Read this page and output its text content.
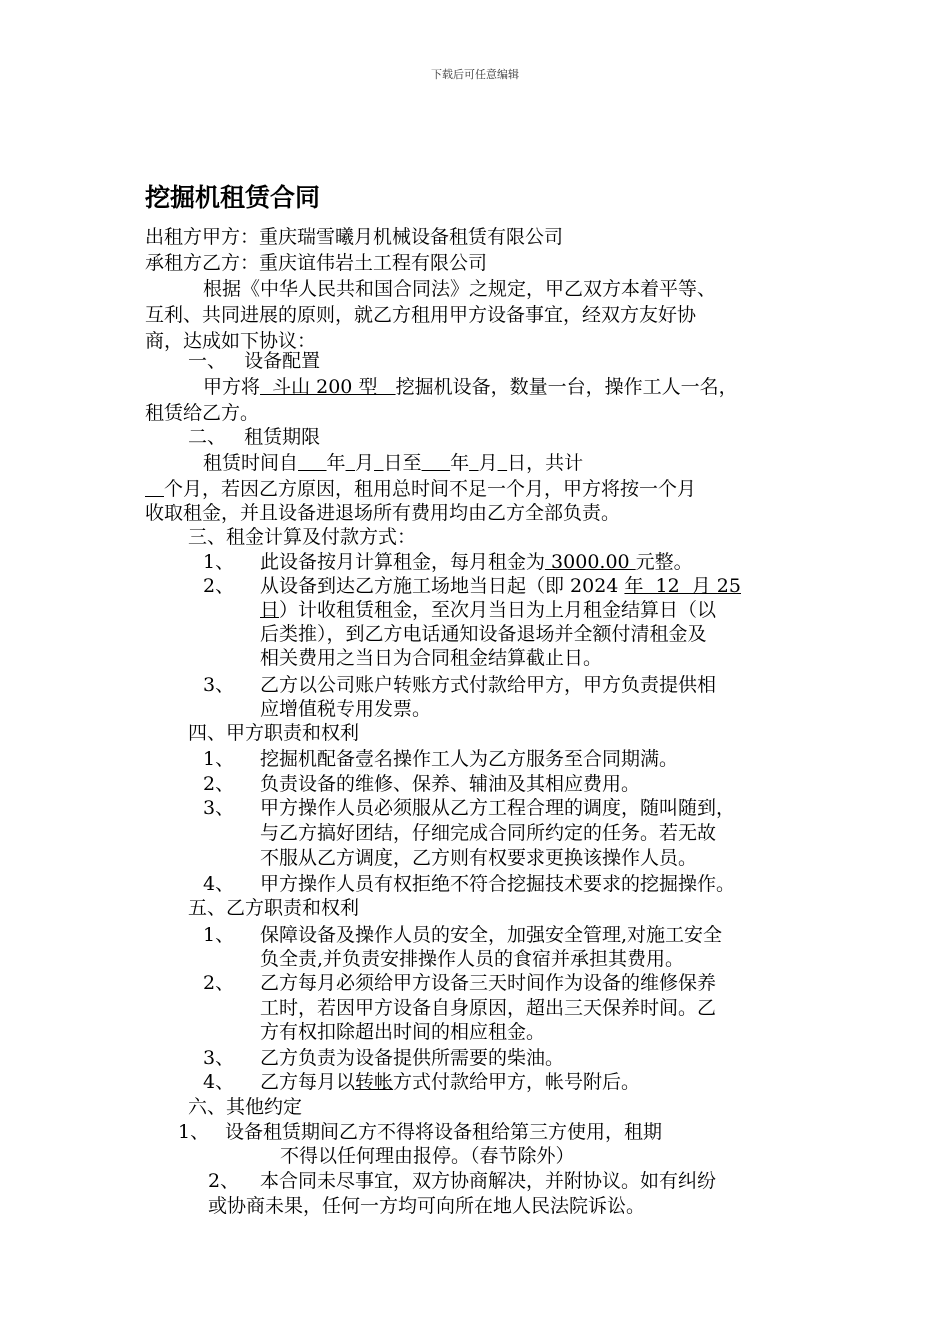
下载后可任意编辑
挖掘机租赁合同
出租方甲方：重庆瑞雪曦月机械设备租赁有限公司
承租方乙方：重庆谊伟岩土工程有限公司
根据《中华人民共和国合同法》之规定，甲乙双方本着平等、
互利、共同进展的原则，就乙方租用甲方设备事宜，经双方友好协
商，达成如下协议：
一、   设备配置
甲方将  斗山 200 型   挖掘机设备，数量一台，操作工人一名，
租赁给乙方。
二、   租赁期限
租赁时间自   年  月  日至   年  月  日，共计
 个月，若因乙方原因，租用总时间不足一个月，甲方将按一个月
收取租金，并且设备进退场所有费用均由乙方全部负责。
三、租金计算及付款方式：
1、 此设备按月计算租金，每月租金为 3000.00 元整。
2、 从设备到达乙方施工场地当日起（即 2024 年  12  月 25
日）计收租赁租金，至次月当日为上月租金结算日（以
后类推），到乙方电话通知设备退场并全额付清租金及
相关费用之当日为合同租金结算截止日。
3、 乙方以公司账户转账方式付款给甲方，甲方负责提供相
应增值税专用发票。
四、甲方职责和权利
1、 挖掘机配备壹名操作工人为乙方服务至合同期满。
2、 负责设备的维修、保养、辅油及其相应费用。
3、 甲方操作人员必须服从乙方工程合理的调度，随叫随到，
与乙方搞好团结，仔细完成合同所约定的任务。若无故
不服从乙方调度，乙方则有权要求更换该操作人员。
4、 甲方操作人员有权拒绝不符合挖掘技术要求的挖掘操作。
五、乙方职责和权利
1、 保障设备及操作人员的安全，加强安全管理,对施工安全
负全责,并负责安排操作人员的食宿并承担其费用。
2、 乙方每月必须给甲方设备三天时间作为设备的维修保养
工时，若因甲方设备自身原因，超出三天保养时间。乙
方有权扣除超出时间的相应租金。
3、 乙方负责为设备提供所需要的柴油。
4、 乙方每月以转帐方式付款给甲方，帐号附后。
六、其他约定
1、 设备租赁期间乙方不得将设备租给第三方使用，租期
不得以任何理由报停。（春节除外）
2、 本合同未尽事宜，双方协商解决，并附协议。如有纠纷
或协商未果，任何一方均可向所在地人民法院诉讼。
